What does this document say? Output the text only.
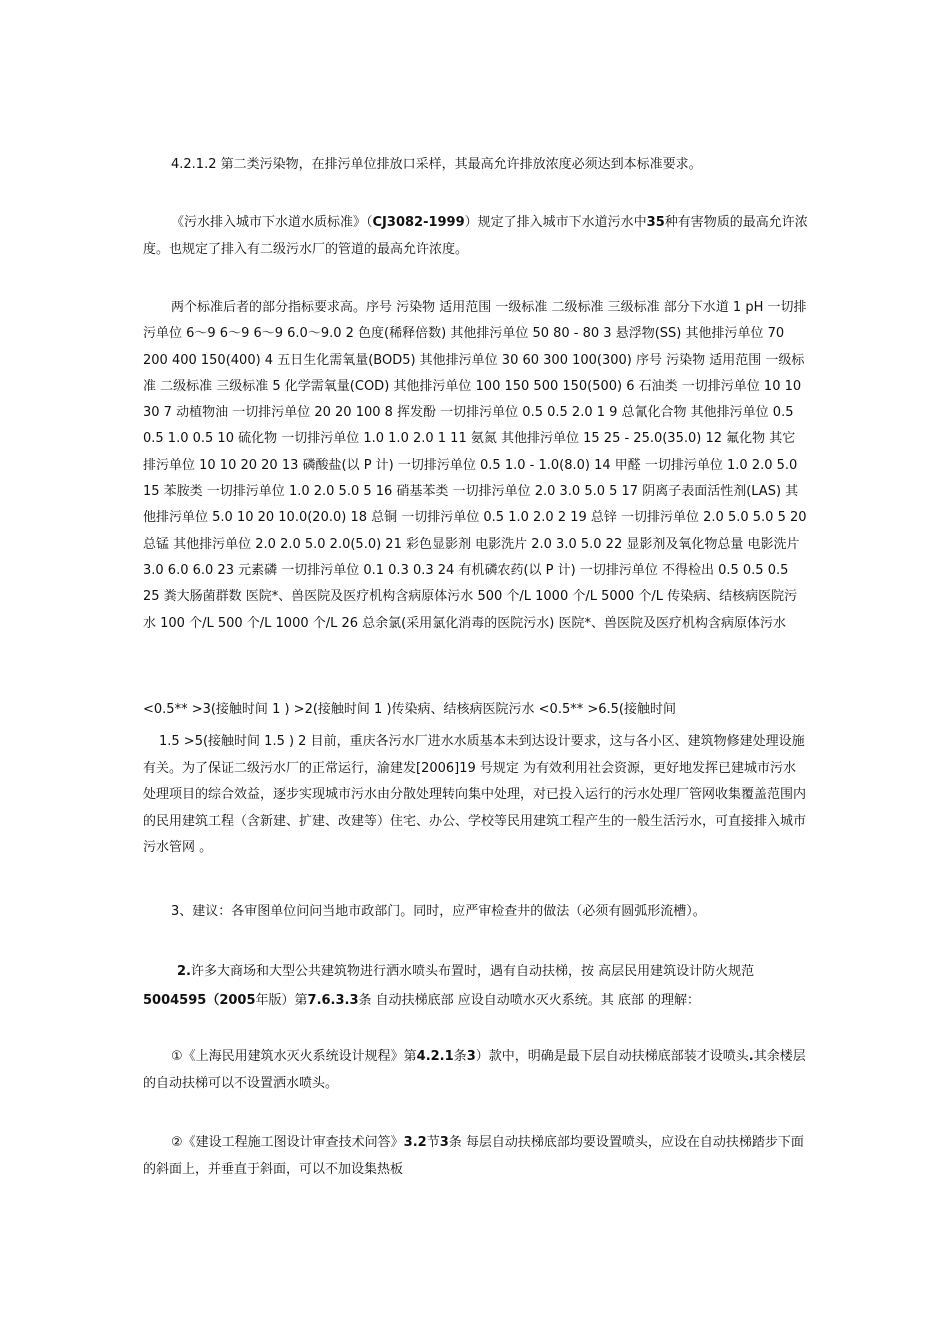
4.2.1.2 第二类污染物，在排污单位排放口采样，其最高允许排放浓度必须达到本标准要求。

《污水排入城市下水道水质标准》（CJ3082-1999）规定了排入城市下水道污水中35种有害物质的最高允许浓度。也规定了排入有二级污水厂的管道的最高允许浓度。

两个标准后者的部分指标要求高。序号 污染物 适用范围 一级标准 二级标准 三级标准 部分下水道 1 pH 一切排污单位 6～9 6～9 6～9 6.0～9.0 2 色度(稀释倍数) 其他排污单位 50 80 - 80 3 悬浮物(SS) 其他排污单位 70 200 400 150(400) 4 五日生化需氧量(BOD5) 其他排污单位 30 60 300 100(300) 序号 污染物 适用范围 一级标准 二级标准 三级标准 5 化学需氧量(COD) 其他排污单位 100 150 500 150(500) 6 石油类 一切排污单位 10 10 30 7 动植物油 一切排污单位 20 20 100 8 挥发酚 一切排污单位 0.5 0.5 2.0 1 9 总氰化合物 其他排污单位 0.5 0.5 1.0 0.5 10 硫化物 一切排污单位 1.0 1.0 2.0 1 11 氨氮 其他排污单位 15 25 - 25.0(35.0) 12 氟化物 其它排污单位 10 10 20 20 13 磷酸盐(以 P 计) 一切排污单位 0.5 1.0 - 1.0(8.0) 14 甲醛 一切排污单位 1.0 2.0 5.0 15 苯胺类 一切排污单位 1.0 2.0 5.0 5 16 硝基苯类 一切排污单位 2.0 3.0 5.0 5 17 阴离子表面活性剂(LAS) 其他排污单位 5.0 10 20 10.0(20.0) 18 总铜 一切排污单位 0.5 1.0 2.0 2 19 总锌 一切排污单位 2.0 5.0 5.0 5 20 总锰 其他排污单位 2.0 2.0 5.0 2.0(5.0) 21 彩色显影剂 电影洗片 2.0 3.0 5.0 22 显影剂及氧化物总量 电影洗片 3.0 6.0 6.0 23 元素磷 一切排污单位 0.1 0.3 0.3 24 有机磷农药(以 P 计) 一切排污单位 不得检出 0.5 0.5 0.5 25 粪大肠菌群数 医院*、兽医院及医疗机构含病原体污水 500 个/L 1000 个/L 5000 个/L 传染病、结核病医院污水 100 个/L 500 个/L 1000 个/L 26 总余氯(采用氯化消毒的医院污水) 医院*、兽医院及医疗机构含病原体污水

<0.5** >3(接触时间 1 ) >2(接触时间 1 )传染病、结核病医院污水 <0.5** >6.5(接触时间

1.5 >5(接触时间 1.5 ) 2 目前，重庆各污水厂进水水质基本未到达设计要求，这与各小区、建筑物修建处理设施有关。为了保证二级污水厂的正常运行，渝建发[2006]19 号规定 为有效利用社会资源，更好地发挥已建城市污水处理项目的综合效益，逐步实现城市污水由分散处理转向集中处理，对已投入运行的污水处理厂管网收集覆盖范围内的民用建筑工程（含新建、扩建、改建等）住宅、办公、学校等民用建筑工程产生的一般生活污水，可直接排入城市污水管网 。

3、建议：各审图单位问问当地市政部门。同时，应严审检查井的做法（必须有圆弧形流槽）。

2.许多大商场和大型公共建筑物进行洒水喷头布置时，遇有自动扶梯，按 高层民用建筑设计防火规范 5004595（2005年版）第7.6.3.3条 自动扶梯底部 应设自动喷水灭火系统。其 底部 的理解：

①《上海民用建筑水灭火系统设计规程》第4.2.1条3）款中，明确是最下层自动扶梯底部装才设喷头.其余楼层的自动扶梯可以不设置洒水喷头。

②《建设工程施工图设计审查技术问答》3.2节3条 每层自动扶梯底部均要设置喷头，应设在自动扶梯踏步下面的斜面上，并垂直于斜面，可以不加设集热板
